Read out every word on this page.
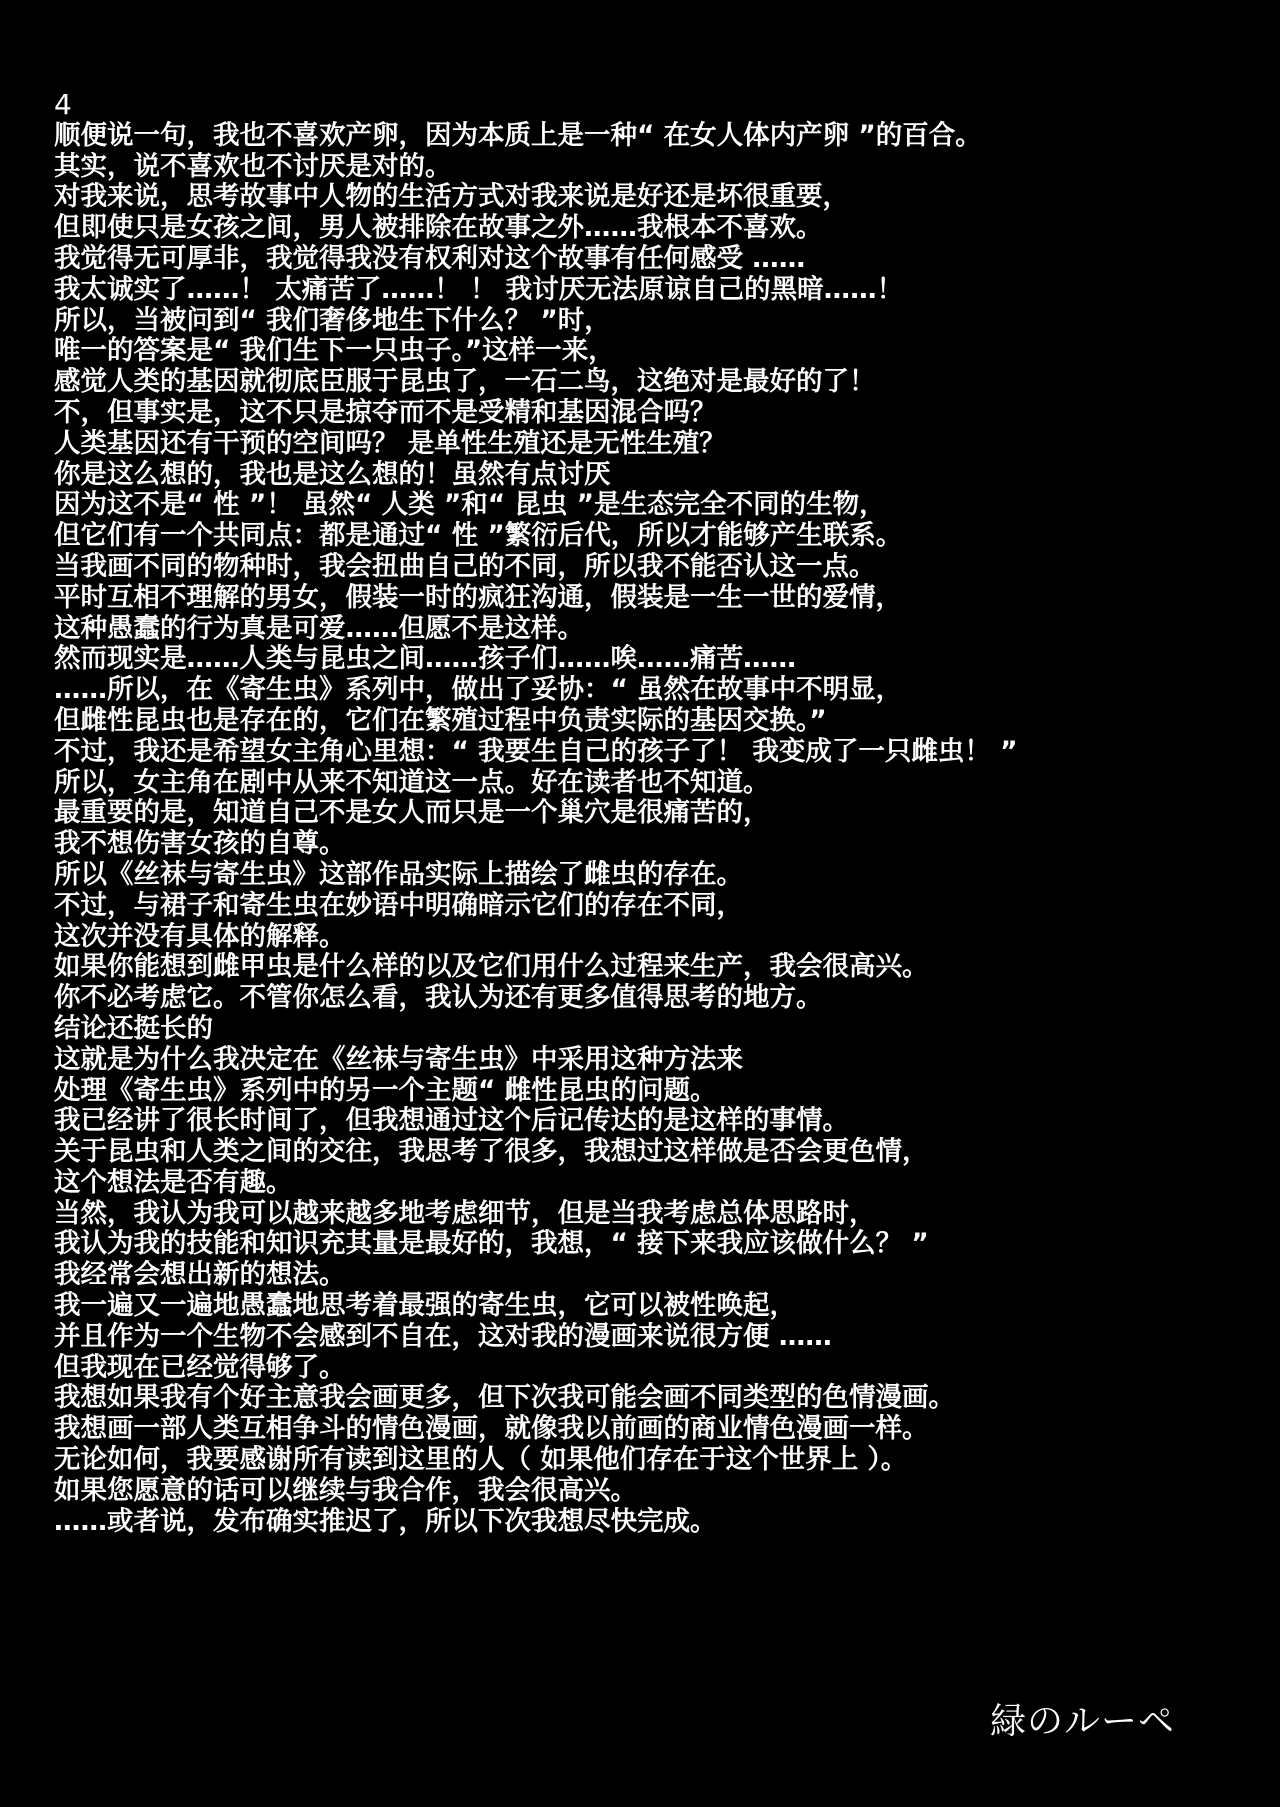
4
顺便说一句，我也不喜欢产卵，因为本质上是一种“ 在女人体内产卵 ”的百合。
其实，说不喜欢也不讨厌是对的。
对我来说，思考故事中人物的生活方式对我来说是好还是坏很重要，
但即使只是女孩之间，男人被排除在故事之外……我根本不喜欢。
我觉得无可厚非，我觉得我没有权利对这个故事有任何感受 ……
我太诚实了……！ 太痛苦了……！ ！ 我讨厌无法原谅自己的黑暗……！
所以，当被问到“ 我们奢侈地生下什么？ ”时，
唯一的答案是“ 我们生下一只虫子。”这样一来，
感觉人类的基因就彻底臣服于昆虫了，一石二鸟，这绝对是最好的了！
不，但事实是，这不只是掠夺而不是受精和基因混合吗？
人类基因还有干预的空间吗？ 是单性生殖还是无性生殖？
你是这么想的，我也是这么想的！虽然有点讨厌
因为这不是“ 性 ”！ 虽然“ 人类 ”和“ 昆虫 ”是生态完全不同的生物，
但它们有一个共同点：都是通过“ 性 ”繁衍后代，所以才能够产生联系。
当我画不同的物种时，我会扭曲自己的不同，所以我不能否认这一点。
平时互相不理解的男女，假装一时的疯狂沟通，假装是一生一世的爱情，
这种愚蠢的行为真是可爱……但愿不是这样。
然而现实是……人类与昆虫之间……孩子们……唉……痛苦……
……所以，在《寄生虫》系列中，做出了妥协：“ 虽然在故事中不明显，
但雌性昆虫也是存在的，它们在繁殖过程中负责实际的基因交换。”
不过，我还是希望女主角心里想：“ 我要生自己的孩子了！ 我变成了一只雌虫！ ”
所以，女主角在剧中从来不知道这一点。好在读者也不知道。
最重要的是，知道自己不是女人而只是一个巢穴是很痛苦的，
我不想伤害女孩的自尊。
所以《丝袜与寄生虫》这部作品实际上描绘了雌虫的存在。
不过，与裙子和寄生虫在妙语中明确暗示它们的存在不同，
这次并没有具体的解释。
如果你能想到雌甲虫是什么样的以及它们用什么过程来生产，我会很高兴。
你不必考虑它。不管你怎么看，我认为还有更多值得思考的地方。
结论还挺长的
这就是为什么我决定在《丝袜与寄生虫》中采用这种方法来
处理《寄生虫》系列中的另一个主题“ 雌性昆虫的问题。
我已经讲了很长时间了，但我想通过这个后记传达的是这样的事情。
关于昆虫和人类之间的交往，我思考了很多，我想过这样做是否会更色情，
这个想法是否有趣。
当然，我认为我可以越来越多地考虑细节，但是当我考虑总体思路时，
我认为我的技能和知识充其量是最好的，我想，“ 接下来我应该做什么？ ”
我经常会想出新的想法。
我一遍又一遍地愚蠢地思考着最强的寄生虫，它可以被性唤起，
并且作为一个生物不会感到不自在，这对我的漫画来说很方便 ……
但我现在已经觉得够了。
我想如果我有个好主意我会画更多，但下次我可能会画不同类型的色情漫画。
我想画一部人类互相争斗的情色漫画，就像我以前画的商业情色漫画一样。
无论如何，我要感谢所有读到这里的人（ 如果他们存在于这个世界上 ）。
如果您愿意的话可以继续与我合作，我会很高兴。
……或者说，发布确实推迟了，所以下次我想尽快完成。
緑のルーペ
